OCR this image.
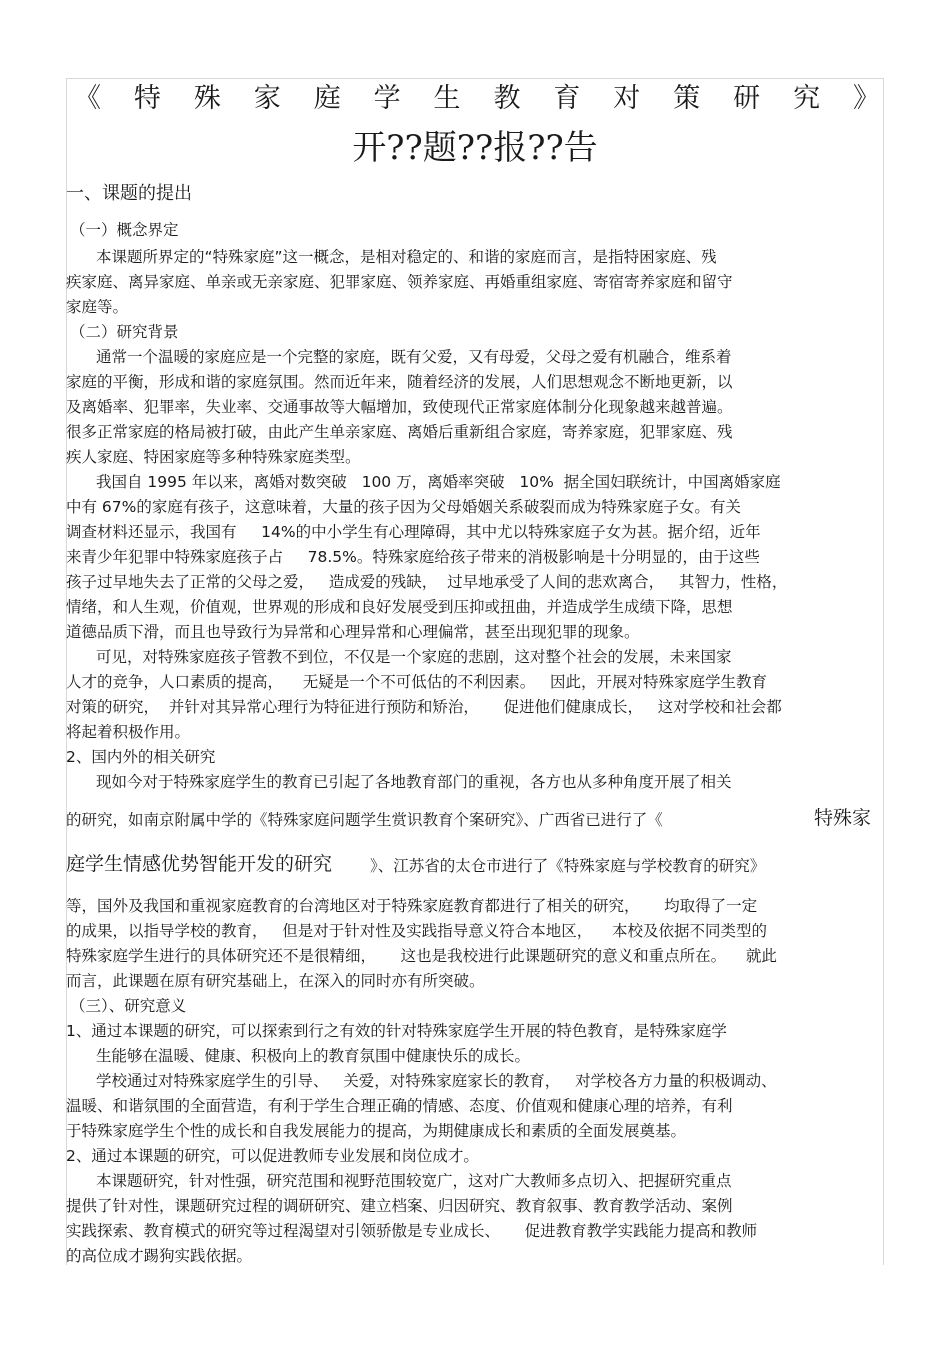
《特殊家庭学生教育对策研究》
开??题??报??告
一、课题的提出
（一）概念界定
本课题所界定的“特殊家庭”这一概念，是相对稳定的、和谐的家庭而言，是指特困家庭、残
疾家庭、离异家庭、单亲或无亲家庭、犯罪家庭、领养家庭、再婚重组家庭、寄宿寄养家庭和留守
家庭等。
（二）研究背景
通常一个温暖的家庭应是一个完整的家庭，既有父爱，又有母爱，父母之爱有机融合，维系着
家庭的平衡，形成和谐的家庭氛围。然而近年来，随着经济的发展，人们思想观念不断地更新，以
及离婚率、犯罪率，失业率、交通事故等大幅增加，致使现代正常家庭体制分化现象越来越普遍。
很多正常家庭的格局被打破，由此产生单亲家庭、离婚后重新组合家庭，寄养家庭，犯罪家庭、残
疾人家庭、特困家庭等多种特殊家庭类型。
我国自 1995 年以来，离婚对数突破   100 万，离婚率突破   10%  据全国妇联统计，中国离婚家庭
中有 67%的家庭有孩子，这意味着，大量的孩子因为父母婚姻关系破裂而成为特殊家庭子女。有关
调查材料还显示，我国有     14%的中小学生有心理障碍，其中尤以特殊家庭子女为甚。据介绍，近年
来青少年犯罪中特殊家庭孩子占     78.5%。特殊家庭给孩子带来的消极影响是十分明显的，由于这些
孩子过早地失去了正常的父母之爱，   造成爱的残缺，  过早地承受了人间的悲欢离合，   其智力，性格，
情绪，和人生观，价值观，世界观的形成和良好发展受到压抑或扭曲，并造成学生成绩下降，思想
道德品质下滑，而且也导致行为异常和心理异常和心理偏常，甚至出现犯罪的现象。
可见，对特殊家庭孩子管教不到位，不仅是一个家庭的悲剧，这对整个社会的发展，未来国家
人才的竞争，人口素质的提高，    无疑是一个不可低估的不利因素。   因此，开展对特殊家庭学生教育
对策的研究，  并针对其异常心理行为特征进行预防和矫治，     促进他们健康成长，   这对学校和社会都
将起着积极作用。
2、国内外的相关研究
现如今对于特殊家庭学生的教育已引起了各地教育部门的重视，各方也从多种角度开展了相关
的研究，如南京附属中学的《特殊家庭问题学生赏识教育个案研究》、广西省已进行了《	特殊家
庭学生情感优势智能开发的研究 》、江苏省的太仓市进行了《特殊家庭与学校教育的研究》
等，国外及我国和重视家庭教育的台湾地区对于特殊家庭教育都进行了相关的研究，     均取得了一定
的成果，以指导学校的教育，   但是对于针对性及实践指导意义符合本地区，    本校及依据不同类型的
特殊家庭学生进行的具体研究还不是很精细，     这也是我校进行此课题研究的意义和重点所在。    就此
而言，此课题在原有研究基础上，在深入的同时亦有所突破。
（三）、研究意义
1、通过本课题的研究，可以探索到行之有效的针对特殊家庭学生开展的特色教育，是特殊家庭学
生能够在温暖、健康、积极向上的教育氛围中健康快乐的成长。
学校通过对特殊家庭学生的引导、   关爱，对特殊家庭家长的教育，   对学校各方力量的积极调动、
温暖、和谐氛围的全面营造，有利于学生合理正确的情感、态度、价值观和健康心理的培养，有利
于特殊家庭学生个性的成长和自我发展能力的提高，为期健康成长和素质的全面发展奠基。
2、通过本课题的研究，可以促进教师专业发展和岗位成才。
本课题研究，针对性强，研究范围和视野范围较宽广，这对广大教师多点切入、把握研究重点
提供了针对性，课题研究过程的调研研究、建立档案、归因研究、教育叙事、教育教学活动、案例
实践探索、教育模式的研究等过程渴望对引领骄傲是专业成长、     促进教育教学实践能力提高和教师
的高位成才踢狗实践依据。
